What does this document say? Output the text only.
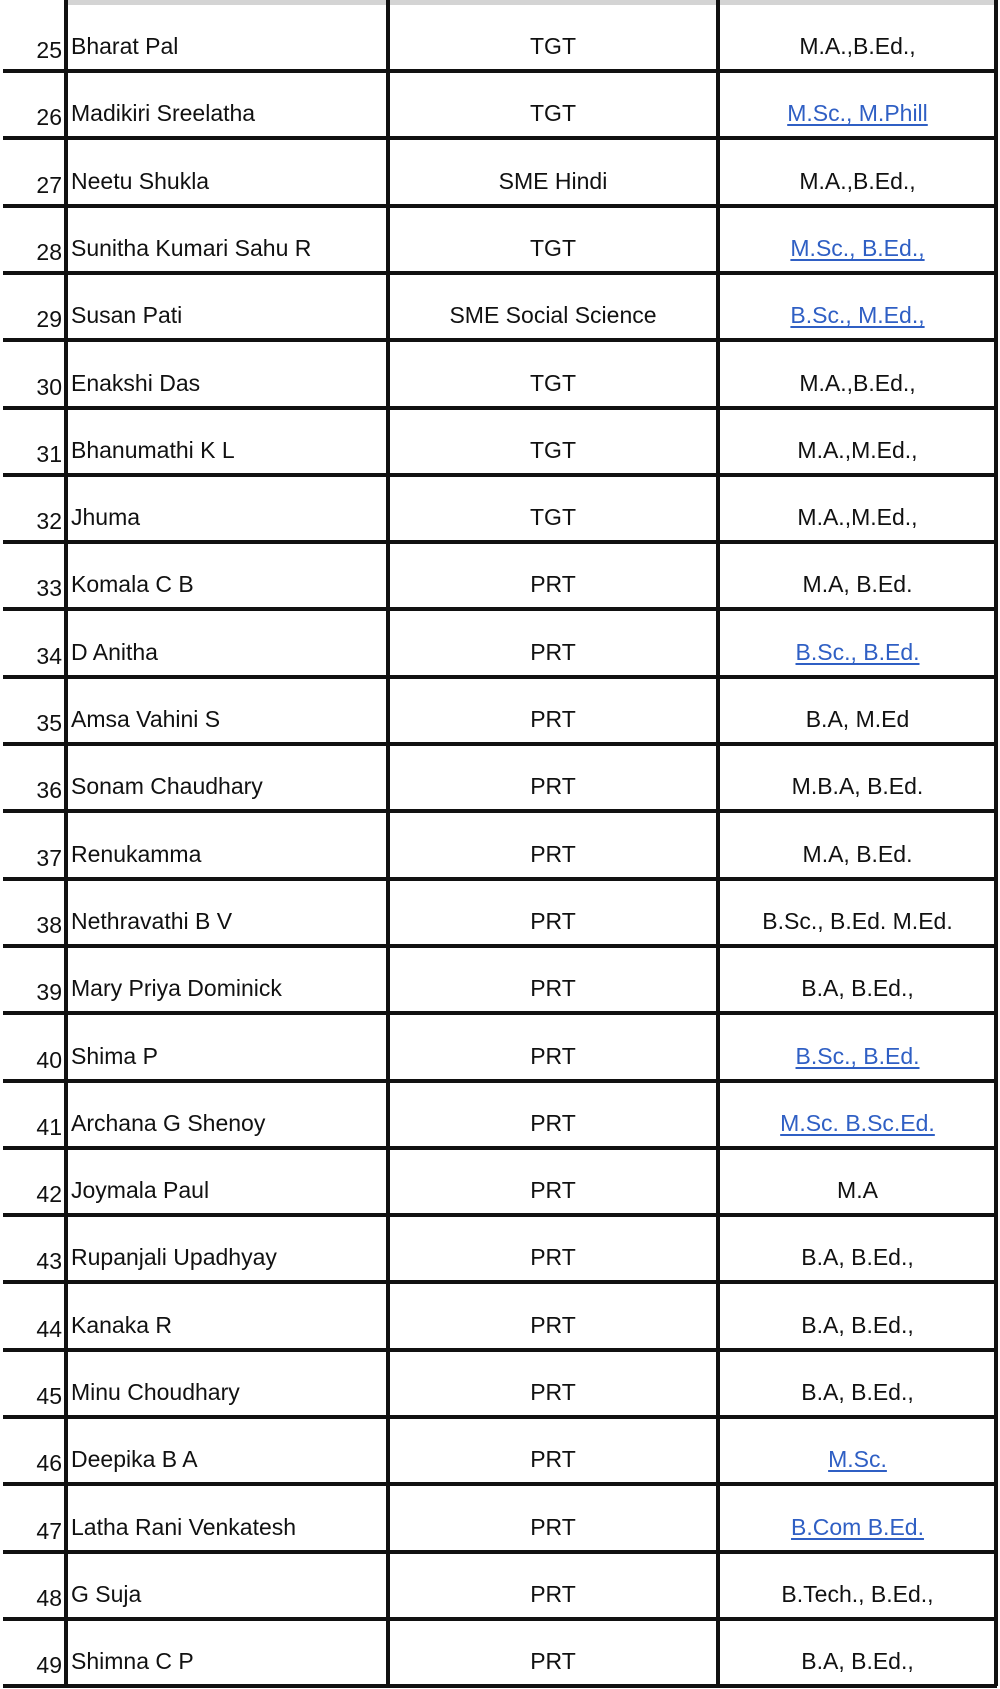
25 Bharat Pal	TGT	M.A.,B.Ed.,
26 Madikiri Sreelatha	TGT	M.Sc., M.Phill
27 Neetu Shukla	SME Hindi	M.A.,B.Ed.,
28 Sunitha Kumari Sahu R	TGT	M.Sc., B.Ed.,
29 Susan Pati	SME Social Science	B.Sc., M.Ed.,
30 Enakshi Das	TGT	M.A.,B.Ed.,
31 Bhanumathi K L	TGT	M.A.,M.Ed.,
32 Jhuma	TGT	M.A.,M.Ed.,
33 Komala C B	PRT	M.A, B.Ed.
34 D Anitha	PRT	B.Sc., B.Ed.
35 Amsa Vahini S	PRT	B.A, M.Ed
36 Sonam Chaudhary	PRT	M.B.A, B.Ed.
37 Renukamma	PRT	M.A, B.Ed.
38 Nethravathi B V	PRT	B.Sc., B.Ed. M.Ed.
39 Mary Priya Dominick	PRT	B.A, B.Ed.,
40 Shima P	PRT	B.Sc., B.Ed.
41 Archana G Shenoy	PRT	M.Sc. B.Sc.Ed.
42 Joymala Paul	PRT	M.A
43 Rupanjali Upadhyay	PRT	B.A, B.Ed.,
44 Kanaka R	PRT	B.A, B.Ed.,
45 Minu Choudhary	PRT	B.A, B.Ed.,
46 Deepika B A	PRT	M.Sc.
47 Latha Rani Venkatesh	PRT	B.Com B.Ed.
48 G Suja	PRT	B.Tech., B.Ed.,
49 Shimna C P	PRT	B.A, B.Ed.,
